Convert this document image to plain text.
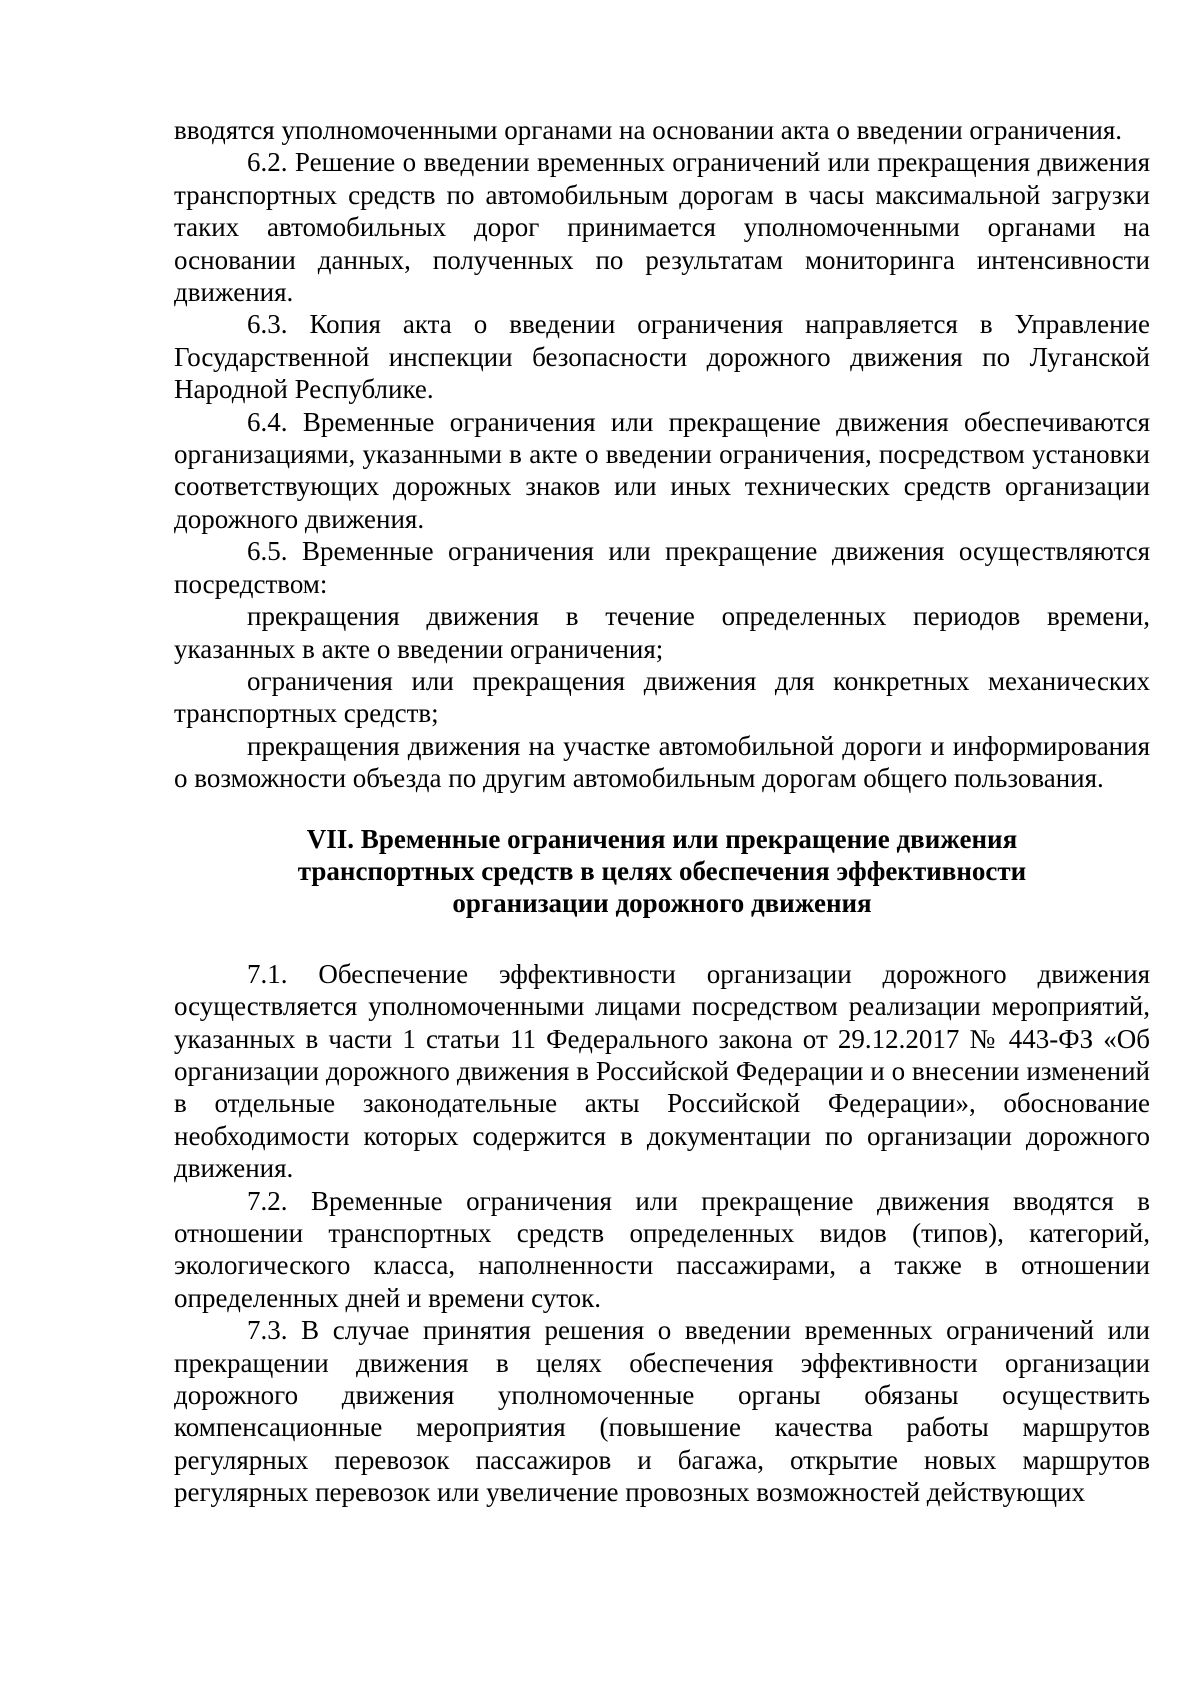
вводятся уполномоченными органами на основании акта о введении ограничения.

6.2. Решение о введении временных ограничений или прекращения движения транспортных средств по автомобильным дорогам в часы максимальной загрузки таких автомобильных дорог принимается уполномоченными органами на основании данных, полученных по результатам мониторинга интенсивности движения.

6.3. Копия акта о введении ограничения направляется в Управление Государственной инспекции безопасности дорожного движения по Луганской Народной Республике.

6.4. Временные ограничения или прекращение движения обеспечиваются организациями, указанными в акте о введении ограничения, посредством установки соответствующих дорожных знаков или иных технических средств организации дорожного движения.

6.5. Временные ограничения или прекращение движения осуществляются посредством:

прекращения движения в течение определенных периодов времени, указанных в акте о введении ограничения;

ограничения или прекращения движения для конкретных механических транспортных средств;

прекращения движения на участке автомобильной дороги и информирования о возможности объезда по другим автомобильным дорогам общего пользования.

VII. Временные ограничения или прекращение движения
транспортных средств в целях обеспечения эффективности
организации дорожного движения

7.1. Обеспечение эффективности организации дорожного движения осуществляется уполномоченными лицами посредством реализации мероприятий, указанных в части 1 статьи 11 Федерального закона от 29.12.2017 № 443-ФЗ «Об организации дорожного движения в Российской Федерации и о внесении изменений в отдельные законодательные акты Российской Федерации», обоснование необходимости которых содержится в документации по организации дорожного движения.

7.2. Временные ограничения или прекращение движения вводятся в отношении транспортных средств определенных видов (типов), категорий, экологического класса, наполненности пассажирами, а также в отношении определенных дней и времени суток.

7.3. В случае принятия решения о введении временных ограничений или прекращении движения в целях обеспечения эффективности организации дорожного движения уполномоченные органы обязаны осуществить компенсационные мероприятия (повышение качества работы маршрутов регулярных перевозок пассажиров и багажа, открытие новых маршрутов регулярных перевозок или увеличение провозных возможностей действующих
